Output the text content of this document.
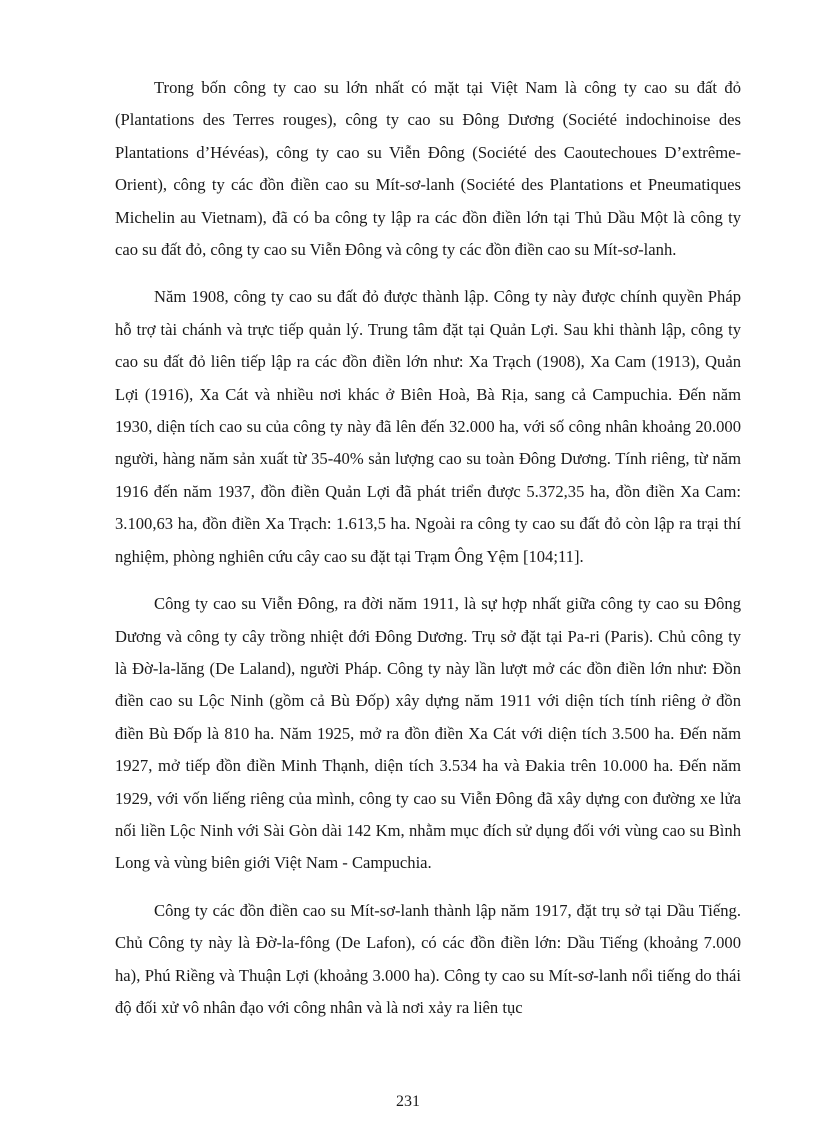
Trong bốn công ty cao su lớn nhất có mặt tại Việt Nam là công ty cao su đất đỏ (Plantations des Terres rouges), công ty cao su Đông Dương (Société indochinoise des Plantations d’Hévéas), công ty cao su Viễn Đông (Société des Caoutechoues D’extrême-Orient), công ty các đồn điền cao su Mít-sơ-lanh (Société des Plantations et Pneumatiques Michelin au Vietnam), đã có ba công ty lập ra các đồn điền lớn tại Thủ Dầu Một là công ty cao su đất đỏ, công ty cao su Viễn Đông và công ty các đồn điền cao su Mít-sơ-lanh.

Năm 1908, công ty cao su đất đỏ được thành lập. Công ty này được chính quyền Pháp hỗ trợ tài chánh và trực tiếp quản lý. Trung tâm đặt tại Quản Lợi. Sau khi thành lập, công ty cao su đất đỏ liên tiếp lập ra các đồn điền lớn như: Xa Trạch (1908), Xa Cam (1913), Quản Lợi (1916), Xa Cát và nhiều nơi khác ở Biên Hoà, Bà Rịa, sang cả Campuchia. Đến năm 1930, diện tích cao su của công ty này đã lên đến 32.000 ha, với số công nhân khoảng 20.000 người, hàng năm sản xuất từ 35-40% sản lượng cao su toàn Đông Dương. Tính riêng, từ năm 1916 đến năm 1937, đồn điền Quản Lợi đã phát triển được 5.372,35 ha, đồn điền Xa Cam: 3.100,63 ha, đồn điền Xa Trạch: 1.613,5 ha. Ngoài ra công ty cao su đất đỏ còn lập ra trại thí nghiệm, phòng nghiên cứu cây cao su đặt tại Trạm Ông Yệm [104;11].

Công ty cao su Viễn Đông, ra đời năm 1911, là sự hợp nhất giữa công ty cao su Đông Dương và công ty cây trồng nhiệt đới Đông Dương. Trụ sở đặt tại Pa-ri (Paris). Chủ công ty là Đờ-la-lăng (De Laland), người Pháp. Công ty này lần lượt mở các đồn điền lớn như: Đồn điền cao su Lộc Ninh (gồm cả Bù Đốp) xây dựng năm 1911 với diện tích tính riêng ở đồn điền Bù Đốp là 810 ha. Năm 1925, mở ra đồn điền Xa Cát với diện tích 3.500 ha. Đến năm 1927, mở tiếp đồn điền Minh Thạnh, diện tích 3.534 ha và Đakia trên 10.000 ha. Đến năm 1929, với vốn liếng riêng của mình, công ty cao su Viễn Đông đã xây dựng con đường xe lửa nối liền Lộc Ninh với Sài Gòn dài 142 Km, nhằm mục đích sử dụng đối với vùng cao su Bình Long và vùng biên giới Việt Nam - Campuchia.

Công ty các đồn điền cao su Mít-sơ-lanh thành lập năm 1917, đặt trụ sở tại Dầu Tiếng. Chủ Công ty này là Đờ-la-fông (De Lafon), có các đồn điền lớn: Dầu Tiếng (khoảng 7.000 ha), Phú Riềng và Thuận Lợi (khoảng 3.000 ha). Công ty cao su Mít-sơ-lanh nổi tiếng do thái độ đối xử vô nhân đạo với công nhân và là nơi xảy ra liên tục

231
